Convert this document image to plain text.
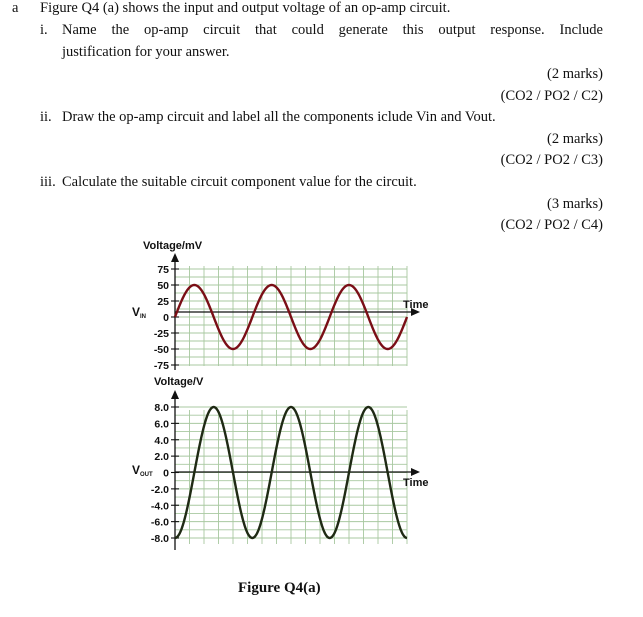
a Figure Q4 (a) shows the input and output voltage of an op-amp circuit.
i. Name the op-amp circuit that could generate this output response. Include
justification for your answer.
(2 marks)
(CO2 / PO2 / C2)
ii. Draw the op-amp circuit and label all the components iclude Vin and Vout.
(2 marks)
(CO2 / PO2 / C3)
iii. Calculate the suitable circuit component value for the circuit.
(3 marks)
(CO2 / PO2 / C4)
75
50
25
0
-25
-50
-75
Voltage/mV
Time
VIN
8.0
6.0
4.0
2.0
0
-2.0
-4.0
-6.0
-8.0
Voltage/V
Time
VOUT
Figure Q4(a)
